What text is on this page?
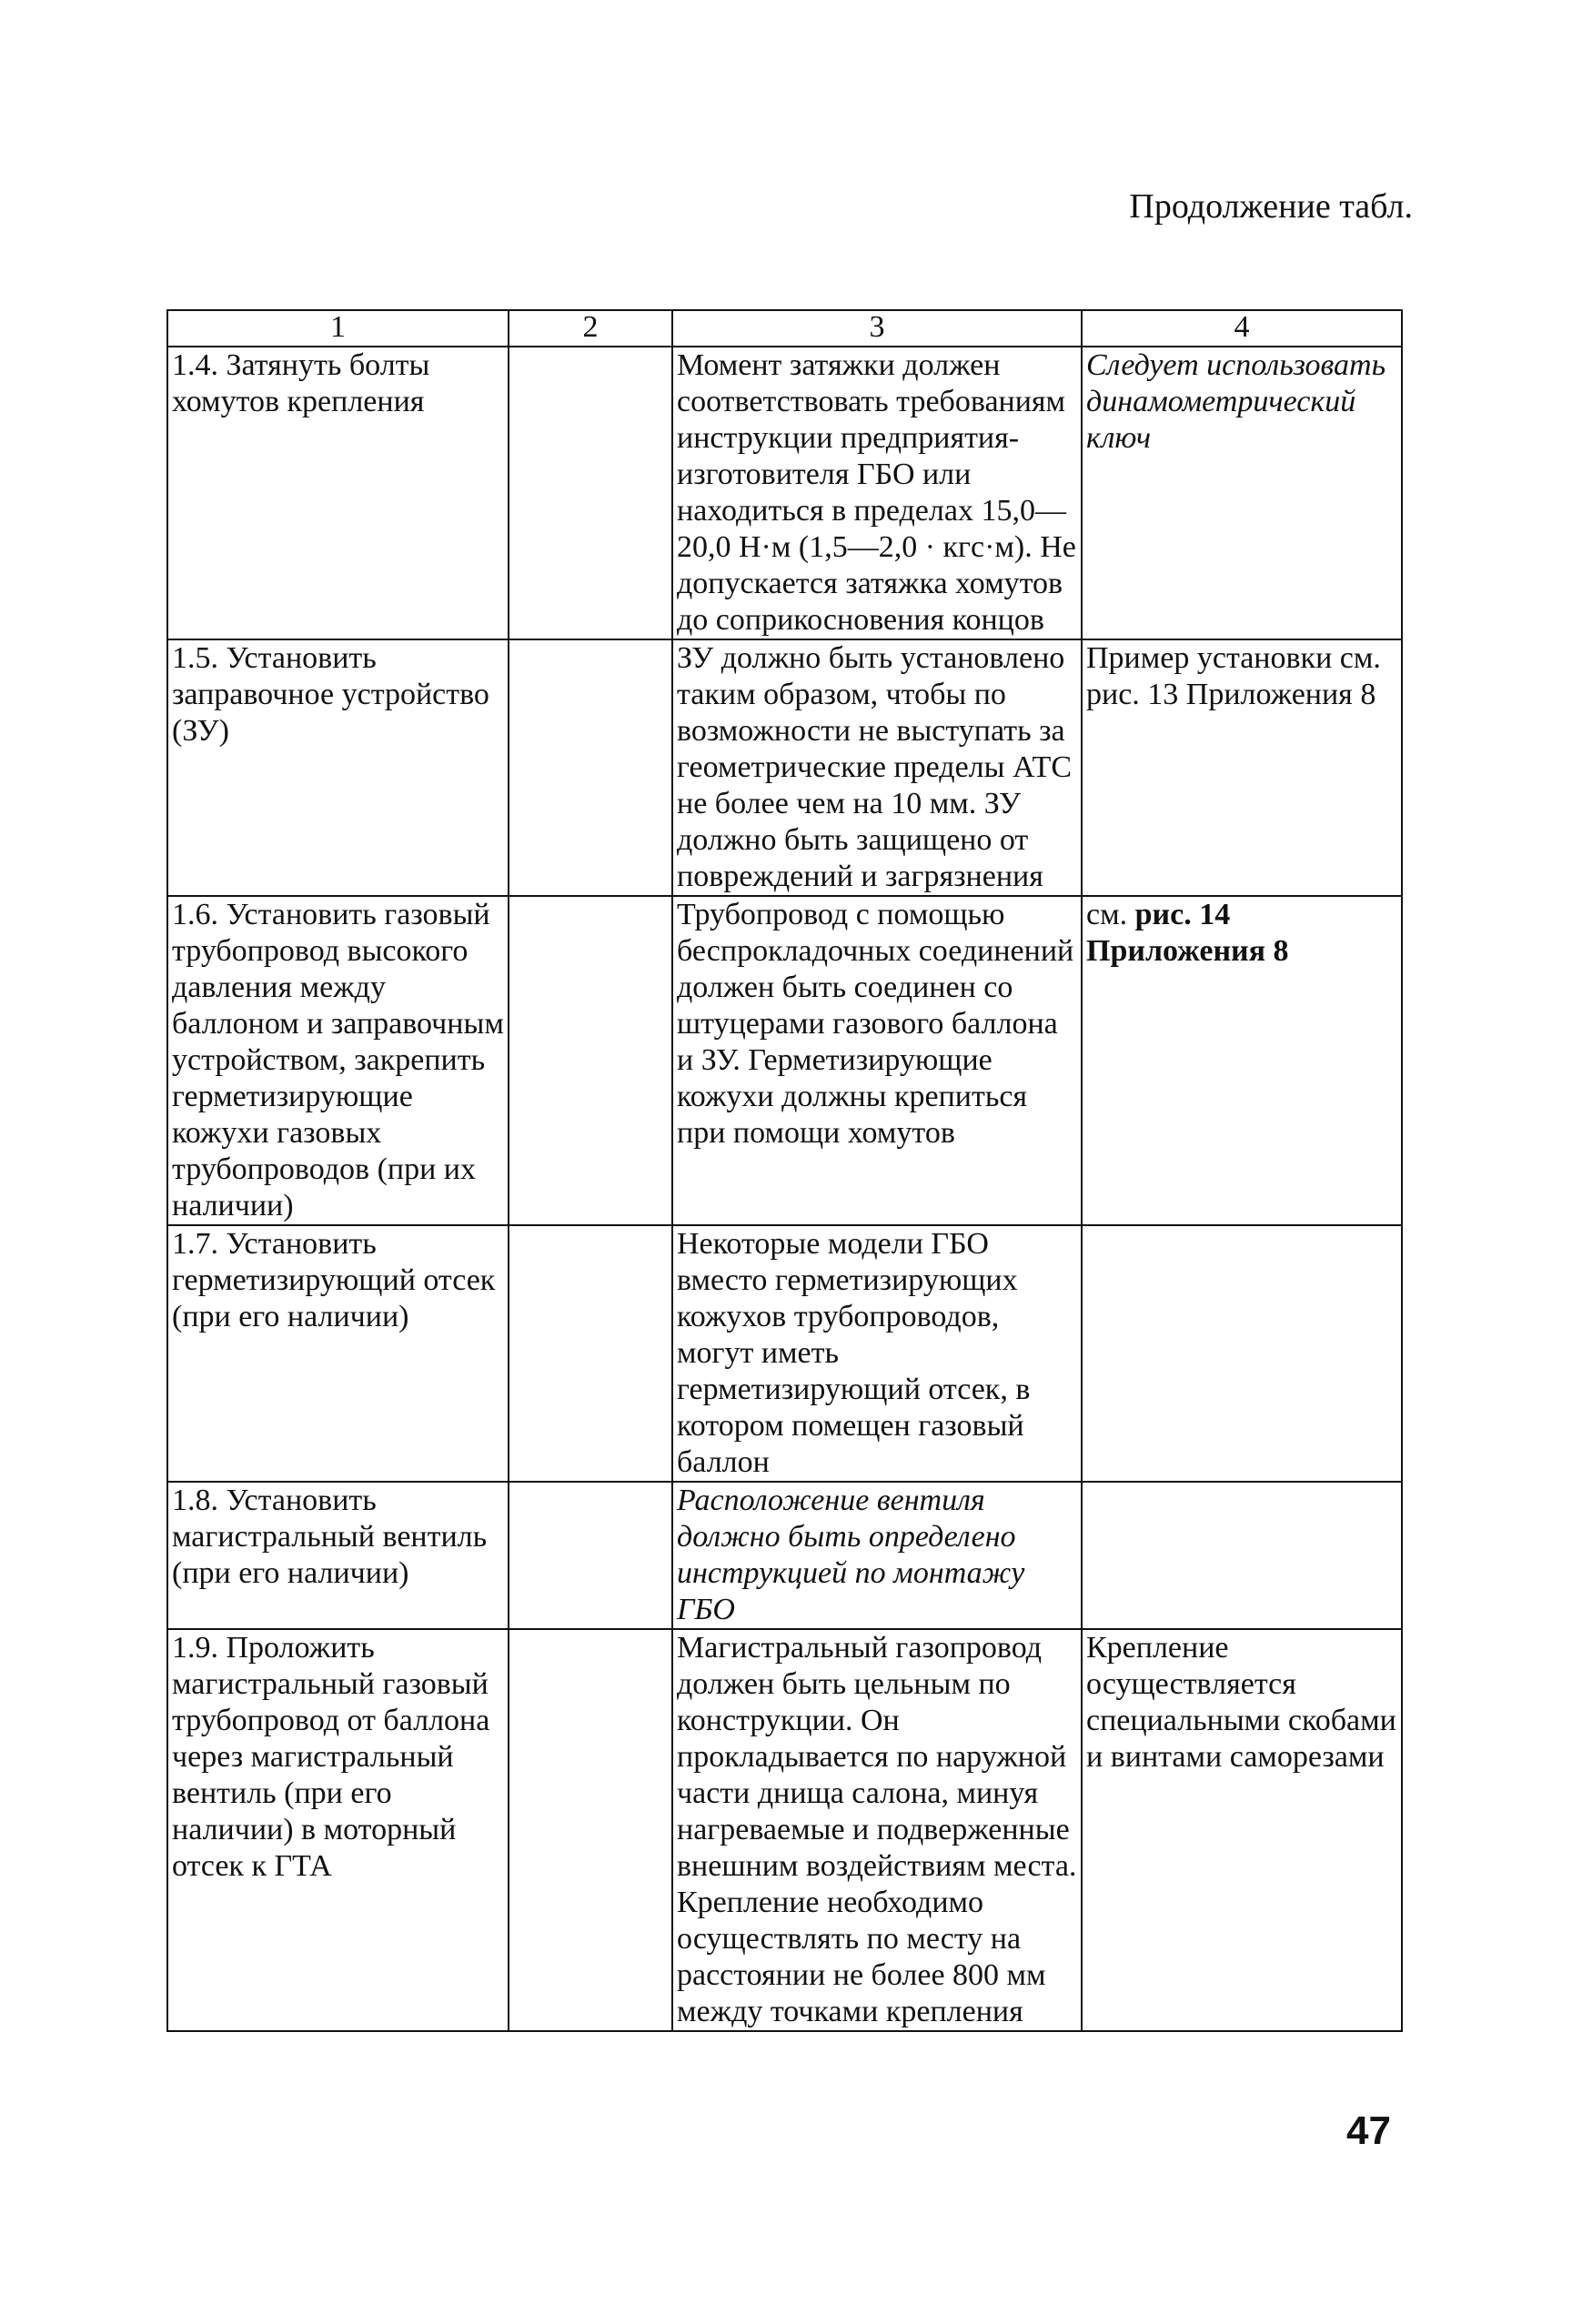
Продолжение табл.
1	2	3	4
1.4. Затянуть болты хомутов крепления		Момент затяжки должен соответствовать требованиям инструкции предприятия-изготовителя ГБО или находиться в пределах 15,0—20,0 Н·м (1,5—2,0 · кгс·м). Не допускается затяжка хомутов до соприкосновения концов	Следует использовать динамометрический ключ
1.5. Установить заправочное устройство (ЗУ)		ЗУ должно быть установлено таким образом, чтобы по возможности не выступать за геометрические пределы АТС не более чем на 10 мм. ЗУ должно быть защищено от повреждений и загрязнения	Пример установки см. рис. 13 Приложения 8
1.6. Установить газовый трубопровод высокого давления между баллоном и заправочным устройством, закрепить герметизирующие кожухи газовых трубопроводов (при их наличии)		Трубопровод с помощью беспрокладочных соединений должен быть соединен со штуцерами газового баллона и ЗУ. Герметизирующие кожухи должны крепиться при помощи хомутов	см. рис. 14 Приложения 8
1.7. Установить герметизирующий отсек (при его наличии)		Некоторые модели ГБО вместо герметизирующих кожухов трубопроводов, могут иметь герметизирующий отсек, в котором помещен газовый баллон	
1.8. Установить магистральный вентиль (при его наличии)		Расположение вентиля должно быть определено инструкцией по монтажу ГБО	
1.9. Проложить магистральный газовый трубопровод от баллона через магистральный вентиль (при его наличии) в моторный отсек к ГТА		Магистральный газопровод должен быть цельным по конструкции. Он прокладывается по наружной части днища салона, минуя нагреваемые и подверженные внешним воздействиям места. Крепление необходимо осуществлять по месту на расстоянии не более 800 мм между точками крепления	Крепление осуществляется специальными скобами и винтами саморезами
47
